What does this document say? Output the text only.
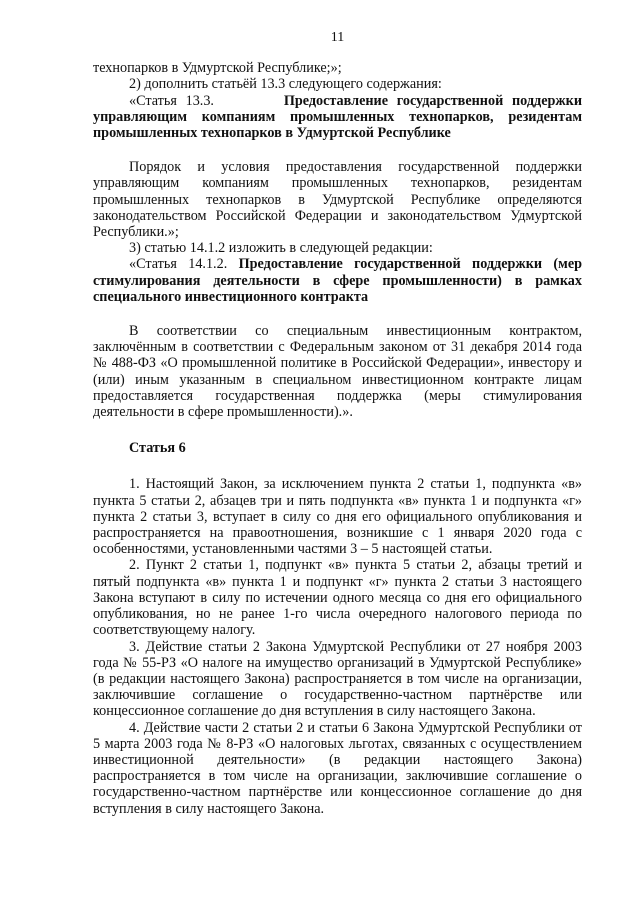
11

технопарков в Удмуртской Республике;»;

2) дополнить статьёй 13.3 следующего содержания:

«Статья 13.3.	Предоставление государственной поддержки управляющим компаниям промышленных технопарков, резидентам промышленных технопарков в Удмуртской Республике

Порядок и условия предоставления государственной поддержки управляющим компаниям промышленных технопарков, резидентам промышленных технопарков в Удмуртской Республике определяются законодательством Российской Федерации и законодательством Удмуртской Республики.»;

3) статью 14.1.2 изложить в следующей редакции:

«Статья 14.1.2. Предоставление государственной поддержки (мер стимулирования деятельности в сфере промышленности) в рамках специального инвестиционного контракта

В соответствии со специальным инвестиционным контрактом, заключённым в соответствии с Федеральным законом от 31 декабря 2014 года № 488-ФЗ «О промышленной политике в Российской Федерации», инвестору и (или) иным указанным в специальном инвестиционном контракте лицам предоставляется государственная поддержка (меры стимулирования деятельности в сфере промышленности).».

Статья 6

1. Настоящий Закон, за исключением пункта 2 статьи 1, подпункта «в» пункта 5 статьи 2, абзацев три и пять подпункта «в» пункта 1 и подпункта «г» пункта 2 статьи 3, вступает в силу со дня его официального опубликования и распространяется на правоотношения, возникшие с 1 января 2020 года с особенностями, установленными частями 3 – 5 настоящей статьи.

2. Пункт 2 статьи 1, подпункт «в» пункта 5 статьи 2, абзацы третий и пятый подпункта «в» пункта 1 и подпункт «г» пункта 2 статьи 3 настоящего Закона вступают в силу по истечении одного месяца со дня его официального опубликования, но не ранее 1-го числа очередного налогового периода по соответствующему налогу.

3. Действие статьи 2 Закона Удмуртской Республики от 27 ноября 2003 года № 55-РЗ «О налоге на имущество организаций в Удмуртской Республике» (в редакции настоящего Закона) распространяется в том числе на организации, заключившие соглашение о государственно-частном партнёрстве или концессионное соглашение до дня вступления в силу настоящего Закона.

4. Действие части 2 статьи 2 и статьи 6 Закона Удмуртской Республики от 5 марта 2003 года № 8-РЗ «О налоговых льготах, связанных с осуществлением инвестиционной деятельности» (в редакции настоящего Закона) распространяется в том числе на организации, заключившие соглашение о государственно-частном партнёрстве или концессионное соглашение до дня вступления в силу настоящего Закона.
